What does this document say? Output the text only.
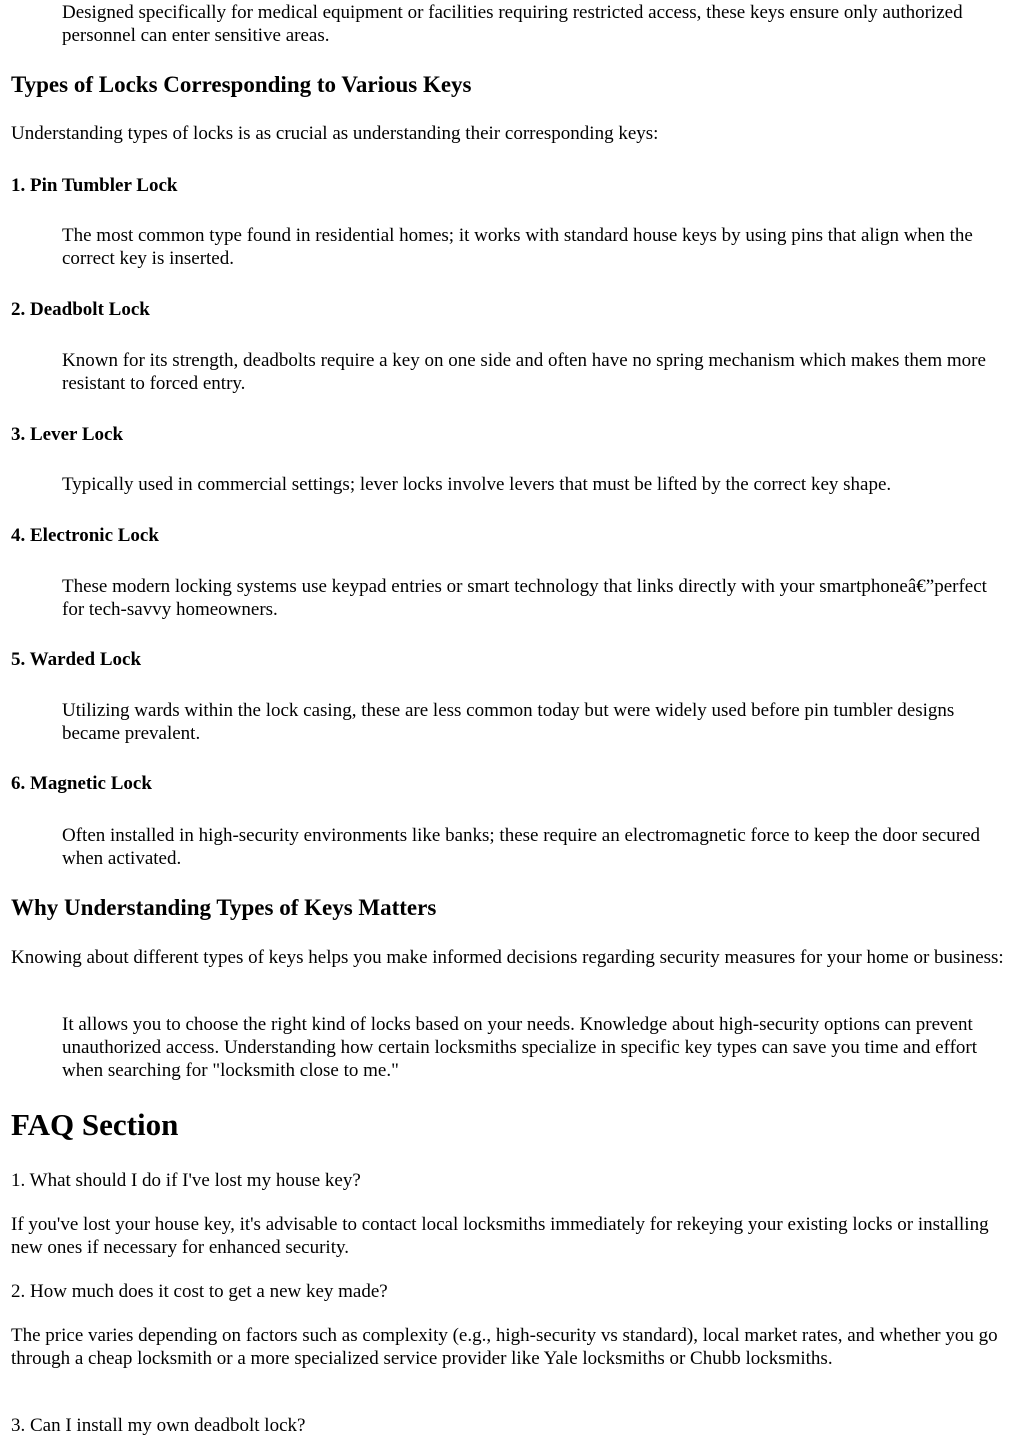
Designed specifically for medical equipment or facilities requiring restricted access, these keys ensure only authorized personnel can enter sensitive areas.

Types of Locks Corresponding to Various Keys

Understanding types of locks is as crucial as understanding their corresponding keys:

1. Pin Tumbler Lock

The most common type found in residential homes; it works with standard house keys by using pins that align when the correct key is inserted.

2. Deadbolt Lock

Known for its strength, deadbolts require a key on one side and often have no spring mechanism which makes them more resistant to forced entry.

3. Lever Lock

Typically used in commercial settings; lever locks involve levers that must be lifted by the correct key shape.

4. Electronic Lock

These modern locking systems use keypad entries or smart technology that links directly with your smartphoneâ€”perfect for tech-savvy homeowners.

5. Warded Lock

Utilizing wards within the lock casing, these are less common today but were widely used before pin tumbler designs became prevalent.

6. Magnetic Lock

Often installed in high-security environments like banks; these require an electromagnetic force to keep the door secured when activated.

Why Understanding Types of Keys Matters

Knowing about different types of keys helps you make informed decisions regarding security measures for your home or business:

It allows you to choose the right kind of locks based on your needs. Knowledge about high-security options can prevent unauthorized access. Understanding how certain locksmiths specialize in specific key types can save you time and effort when searching for "locksmith close to me."

FAQ Section

1. What should I do if I've lost my house key?

If you've lost your house key, it's advisable to contact local locksmiths immediately for rekeying your existing locks or installing new ones if necessary for enhanced security.

2. How much does it cost to get a new key made?

The price varies depending on factors such as complexity (e.g., high-security vs standard), local market rates, and whether you go through a cheap locksmith or a more specialized service provider like Yale locksmiths or Chubb locksmiths.

3. Can I install my own deadbolt lock?
